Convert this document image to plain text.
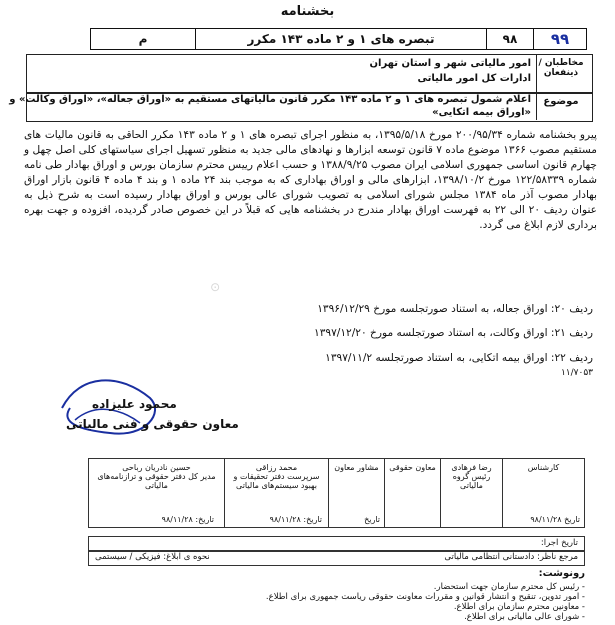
بخشنامه
۹۹
۹۸
تبصره های ۱ و ۲ ماده ۱۴۳ مکرر
م
مخاطبان / ذینفعان
امور مالیاتی شهر و استان تهران
ادارات کل امور مالیاتی
موضوع
اعلام شمول تبصره های ۱ و ۲ ماده ۱۴۳ مکرر قانون مالیاتهای مستقیم به «اوراق جعاله»، «اوراق وکالت» و
«اوراق بیمه اتکایی»
پیرو بخشنامه شماره ۲۰۰/۹۵/۳۴ مورخ ۱۳۹۵/۵/۱۸، به منظور اجرای تبصره های ۱ و ۲ ماده ۱۴۳ مکرر الحاقی به قانون مالیات های مستقیم مصوب ۱۳۶۶ موضوع ماده ۷ قانون توسعه ابزارها و نهادهای مالی جدید به منظور تسهیل اجرای سیاستهای کلی اصل چهل و چهارم قانون اساسی جمهوری اسلامی ایران مصوب ۱۳۸۸/۹/۲۵ و حسب اعلام رییس محترم سازمان بورس و اوراق بهادار طی نامه شماره ۱۲۲/۵۸۳۳۹ مورخ ۱۳۹۸/۱۰/۲، ابزارهای مالی و اوراق بهاداری که به موجب بند ۲۴ ماده ۱ و بند ۴ ماده ۴ قانون بازار اوراق بهادار مصوب آذر ماه ۱۳۸۴ مجلس شورای اسلامی به تصویب شورای عالی بورس و اوراق بهادار رسیده است به شرح ذیل به عنوان ردیف ۲۰ الی ۲۲ به فهرست اوراق بهادار مندرج در بخشنامه هایی که قبلاً در این خصوص صادر گردیده، افزوده و جهت بهره برداری لازم ابلاغ می گردد.
ردیف ۲۰: اوراق جعاله، به استناد صورتجلسه مورخ ۱۳۹۶/۱۲/۲۹
ردیف ۲۱: اوراق وکالت، به استناد صورتجلسه مورخ ۱۳۹۷/۱۲/۲۰
ردیف ۲۲: اوراق بیمه اتکایی، به استناد صورتجلسه ۱۳۹۷/۱۱/۲
۱۱/۷۰۵۳
⊙
محمود علیزاده
معاون حقوقی و فنی مالیاتی
کارشناس
تاریخ ۹۸/۱۱/۲۸
رضا فرهادی
رئیس گروه مالیاتی
معاون حقوقی
مشاور معاون
تاریخ
محمد رزاقی
سرپرست دفتر تحقیقات و بهبود سیستم‌های مالیاتی
تاریخ: ۹۸/۱۱/۲۸
حسین نادریان رباحی
مدیر کل دفتر حقوقی و ترازنامه‌های مالیاتی
تاریخ: ۹۸/۱۱/۲۸
تاریخ اجرا:
مرجع ناظر: دادستانی انتظامی مالیاتی
نحوه ی ابلاغ: فیزیکی / سیستمی
رونوشت:
- رئیس کل محترم سازمان جهت استحضار.
- امور تدوین، تنقیح و انتشار قوانین و مقررات معاونت حقوقی ریاست جمهوری برای اطلاع.
- معاونین محترم سازمان برای اطلاع.
- شورای عالی مالیاتی برای اطلاع.
